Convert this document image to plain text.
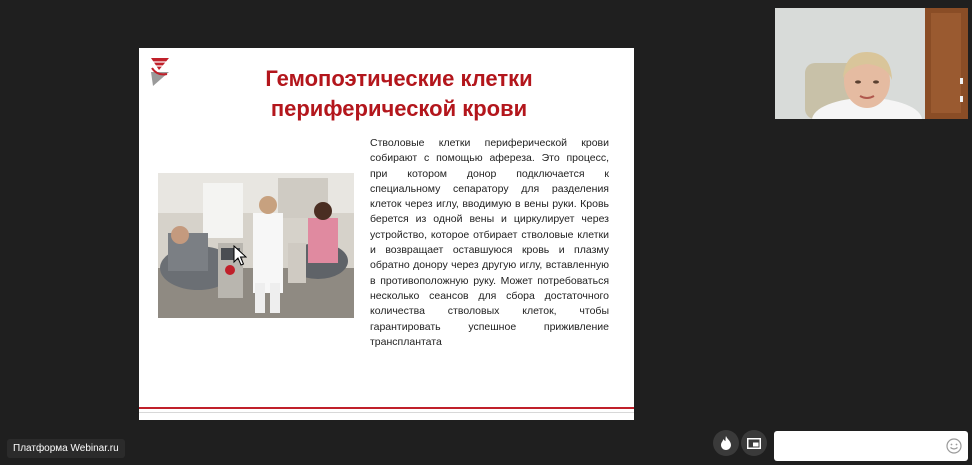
Гемопоэтические клетки
периферической крови
Стволовые клетки периферической крови собирают с помощью афереза. Это процесс, при котором донор подключается к специальному сепаратору для разделения клеток через иглу, вводимую в вены руки. Кровь берется из одной вены и циркулирует через устройство, которое отбирает стволовые клетки и возвращает оставшуюся кровь и плазму обратно донору через другую иглу, вставленную в противоположную руку. Может потребоваться несколько сеансов для сбора достаточного количества стволовых клеток, чтобы гарантировать успешное приживление трансплантата
Платформа Webinar.ru
